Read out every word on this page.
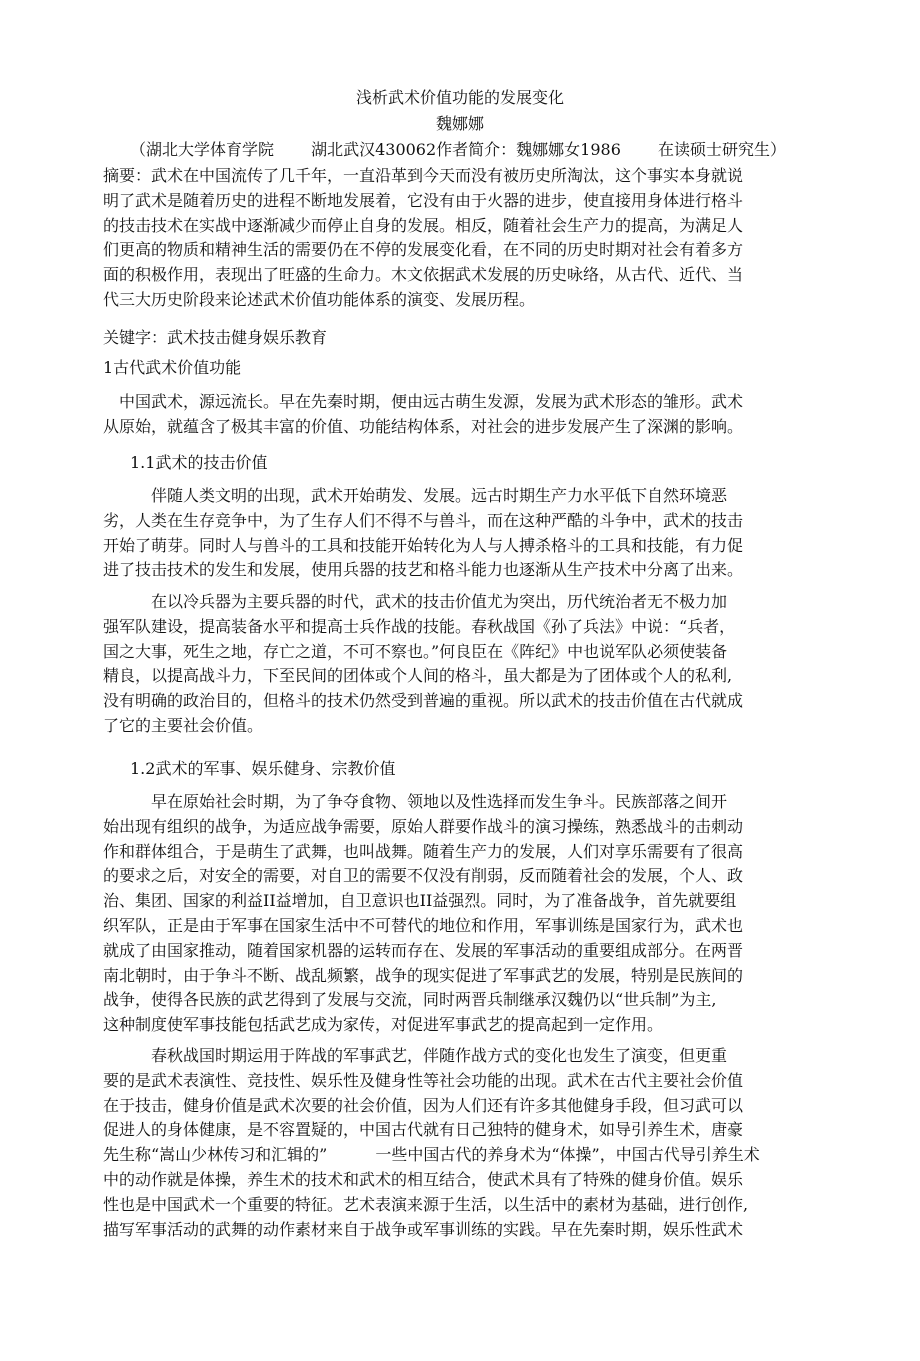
浅析武术价值功能的发展变化
魏娜娜
（湖北大学体育学院　　 湖北武汉430062作者简介：魏娜娜女1986　　 在读硕士研究生）
摘要：武术在中国流传了几千年，一直沿革到今天而没有被历史所淘汰，这个事实本身就说
明了武术是随着历史的进程不断地发展着，它没有由于火器的进步，使直接用身体进行格斗
的技击技术在实战中逐渐减少而停止自身的发展。相反，随着社会生产力的提高，为满足人
们更高的物质和精神生活的需要仍在不停的发展变化看，在不同的历史时期对社会有着多方
面的积极作用，表现出了旺盛的生命力。木文依据武术发展的历史咏络，从古代、近代、当
代三大历史阶段来论述武术价值功能体系的演变、发展历程。
关键字：武术技击健身娱乐教育
1古代武术价值功能
　中国武术，源远流长。早在先秦时期，便由远古萌生发源，发展为武术形态的雏形。武术
从原始，就蕴含了极其丰富的价值、功能结构体系，对社会的进步发展产生了深渊的影响。
1.1武术的技击价值
　　　伴随人类文明的出现，武术开始萌发、发展。远古时期生产力水平低下自然环境恶
劣，人类在生存竞争中，为了生存人们不得不与兽斗，而在这种严酷的斗争中，武术的技击
开始了萌芽。同时人与兽斗的工具和技能开始转化为人与人搏杀格斗的工具和技能，有力促
进了技击技术的发生和发展，使用兵器的技艺和格斗能力也逐渐从生产技术中分离了出来。
　　　在以冷兵器为主要兵器的时代，武术的技击价值尤为突出，历代统治者无不极力加
强军队建设，提高装备水平和提高士兵作战的技能。春秋战国《孙了兵法》中说：“兵者，
国之大事，死生之地，存亡之道，不可不察也。”何良臣在《阵纪》中也说军队必须使装备
精良，以提高战斗力，下至民间的团体或个人间的格斗，虽大都是为了团体或个人的私利,
没有明确的政治目的，但格斗的技术仍然受到普遍的重视。所以武术的技击价值在古代就成
了它的主要社会价值。
1.2武术的军事、娱乐健身、宗教价值
　　　早在原始社会时期，为了争夺食物、领地以及性选择而发生争斗。民族部落之间开
始出现有组织的战争，为适应战争需要，原始人群要作战斗的演习操练，熟悉战斗的击刺动
作和群体组合，于是萌生了武舞，也叫战舞。随着生产力的发展，人们对享乐需要有了很高
的要求之后，对安全的需要，对自卫的需要不仅没有削弱，反而随着社会的发展，个人、政
治、集团、国家的利益II益增加，自卫意识也II益强烈。同时，为了准备战争，首先就要组
织军队，正是由于军事在国家生活中不可替代的地位和作用，军事训练是国家行为，武术也
就成了由国家推动，随着国家机器的运转而存在、发展的军事活动的重要组成部分。在两晋
南北朝时，由于争斗不断、战乱频繁，战争的现实促进了军事武艺的发展，特别是民族间的
战争，使得各民族的武艺得到了发展与交流，同时两晋兵制继承汉魏仍以“世兵制”为主,
这种制度使军事技能包括武艺成为家传，对促进军事武艺的提高起到一定作用。
　　　春秋战国时期运用于阵战的军事武艺，伴随作战方式的变化也发生了演变，但更重
要的是武术表演性、竞技性、娱乐性及健身性等社会功能的出现。武术在古代主要社会价值
在于技击，健身价值是武术次要的社会价值，因为人们还有许多其他健身手段，但习武可以
促进人的身体健康，是不容置疑的，中国古代就有日己独特的健身术，如导引养生术，唐豪
先生称“嵩山少林传习和汇辑的”　　　一些中国古代的养身术为“体操”，中国古代导引养生术
中的动作就是体操，养生术的技术和武术的相互结合，使武术具有了特殊的健身价值。娱乐
性也是中国武术一个重要的特征。艺术表演来源于生活，以生活中的素材为基础，进行创作,
描写军事活动的武舞的动作素材来自于战争或军事训练的实践。早在先秦时期，娱乐性武术
